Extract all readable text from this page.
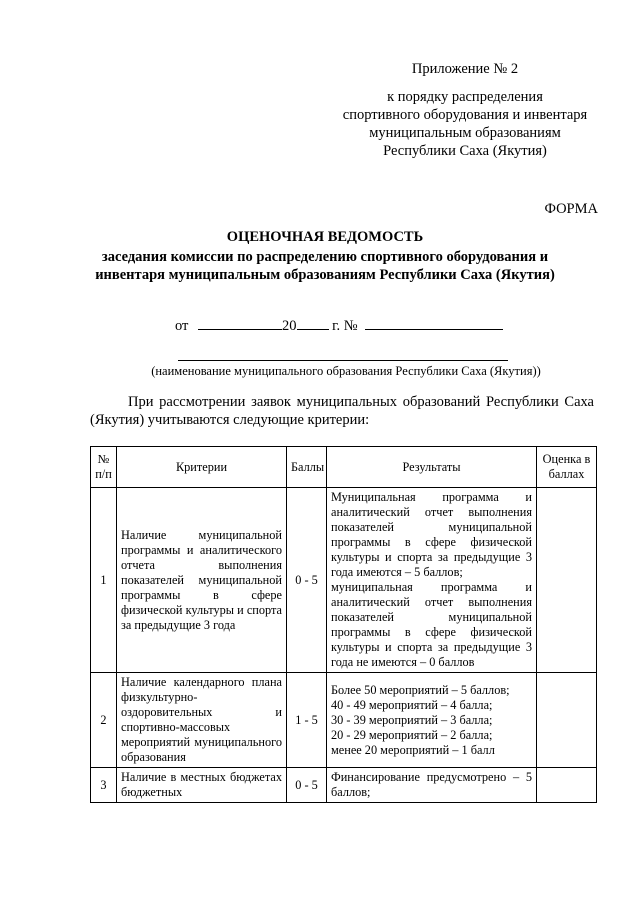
Приложение № 2
к порядку распределения
спортивного оборудования и инвентаря
муниципальным образованиям
Республики Саха (Якутия)
ФОРМА
ОЦЕНОЧНАЯ ВЕДОМОСТЬ
заседания комиссии по распределению спортивного оборудования и инвентаря муниципальным образованиям Республики Саха (Якутия)
от	20 г. №
(наименование муниципального образования Республики Саха (Якутия))
При рассмотрении заявок муниципальных образований Республики Саха (Якутия) учитываются следующие критерии:
№ п/п	Критерии	Баллы	Результаты	Оценка в баллах
1	Наличие муниципальной программы и аналитического отчета выполнения показателей муниципальной программы в сфере физической культуры и спорта за предыдущие 3 года	0 - 5	Муниципальная программа и аналитический отчет выполнения показателей муниципальной программы в сфере физической культуры и спорта за предыдущие 3 года имеются – 5 баллов;
муниципальная программа и аналитический отчет выполнения показателей муниципальной программы в сфере физической культуры и спорта за предыдущие 3 года не имеются – 0 баллов	
2	Наличие календарного плана физкультурно-оздоровительных и спортивно-массовых мероприятий муниципального образования	1 - 5	Более 50 мероприятий – 5 баллов;
40 - 49 мероприятий – 4 балла;
30 - 39 мероприятий – 3 балла;
20 - 29 мероприятий – 2 балла;
менее 20 мероприятий – 1 балл	
3	Наличие в местных бюджетах бюджетных	0 - 5	Финансирование предусмотрено – 5 баллов;	
